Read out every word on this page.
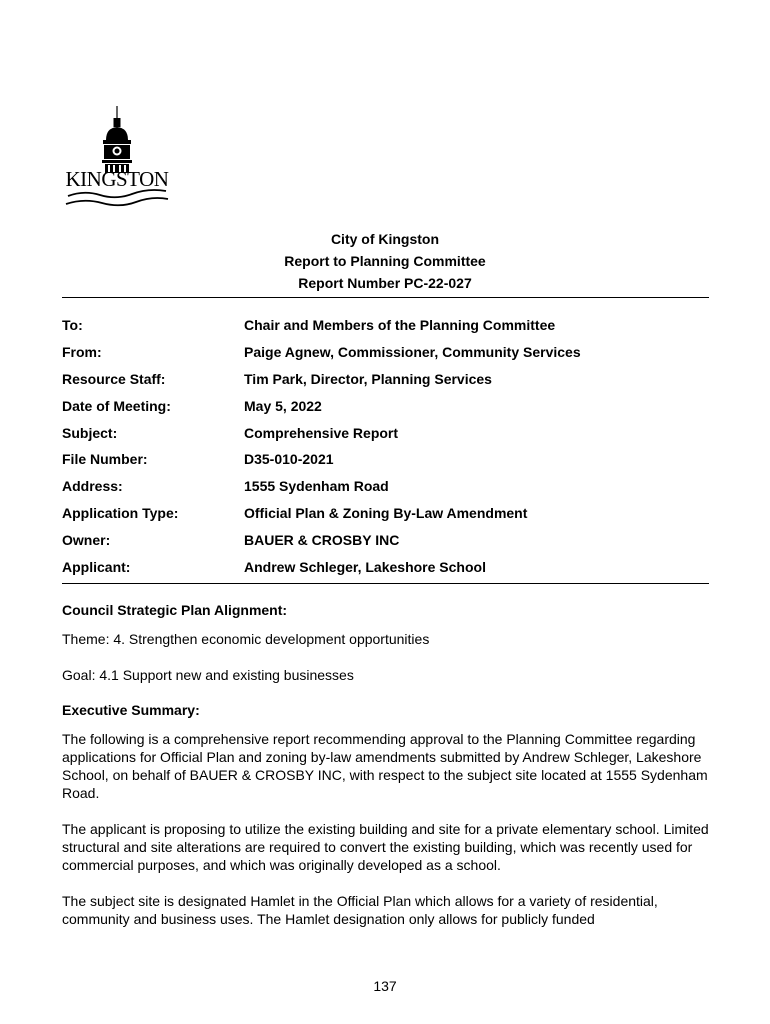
KINGSTON
City of Kingston
Report to Planning Committee
Report Number PC-22-027
To:	Chair and Members of the Planning Committee
From:	Paige Agnew, Commissioner, Community Services
Resource Staff:	Tim Park, Director, Planning Services
Date of Meeting:	May 5, 2022
Subject:	Comprehensive Report
File Number:	D35-010-2021
Address:	1555 Sydenham Road
Application Type:	Official Plan & Zoning By-Law Amendment
Owner:	BAUER & CROSBY INC
Applicant:	Andrew Schleger, Lakeshore School
Council Strategic Plan Alignment:

Theme: 4. Strengthen economic development opportunities

Goal: 4.1 Support new and existing businesses

Executive Summary:

The following is a comprehensive report recommending approval to the Planning Committee regarding applications for Official Plan and zoning by-law amendments submitted by Andrew Schleger, Lakeshore School, on behalf of BAUER & CROSBY INC, with respect to the subject site located at 1555 Sydenham Road.

The applicant is proposing to utilize the existing building and site for a private elementary school. Limited structural and site alterations are required to convert the existing building, which was recently used for commercial purposes, and which was originally developed as a school.

The subject site is designated Hamlet in the Official Plan which allows for a variety of residential, community and business uses. The Hamlet designation only allows for publicly funded

137
